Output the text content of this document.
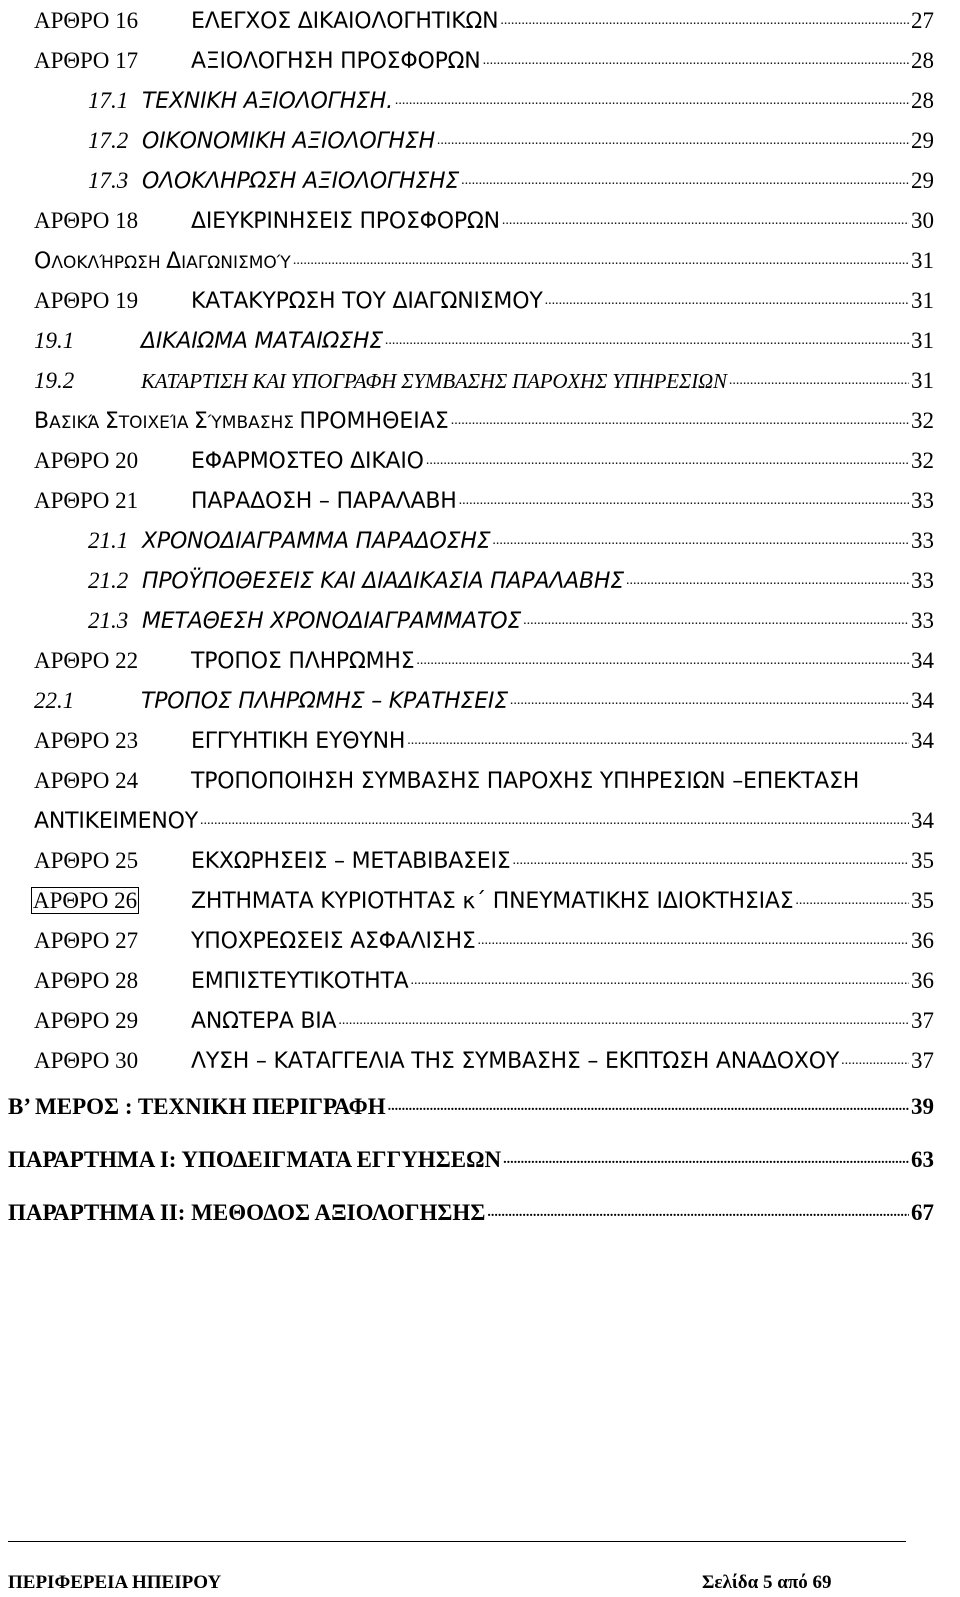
ΑΡΘΡΟ 16	ΕΛΕΓΧΟΣ ΔΙΚΑΙΟΛΟΓΗΤΙΚΩΝ .....	27
ΑΡΘΡΟ 17	ΑΞΙΟΛΟΓΗΣΗ ΠΡΟΣΦΟΡΩΝ .....	28
17.1 ΤΕΧΝΙΚΗ ΑΞΙΟΛΟΓΗΣΗ. .....	28
17.2 ΟΙΚΟΝΟΜΙΚΗ ΑΞΙΟΛΟΓΗΣΗ .....	29
17.3 ΟΛΟΚΛΗΡΩΣΗ ΑΞΙΟΛΟΓΗΣΗΣ .....	29
ΑΡΘΡΟ 18	ΔΙΕΥΚΡΙΝΗΣΕΙΣ ΠΡΟΣΦΟΡΩΝ .....	30
ΟΛΟΚΛΉΡΩΣΗ ΔΙΑΓΩΝΙΣΜΟΎ .....	31
ΑΡΘΡΟ 19	ΚΑΤΑΚΥΡΩΣΗ ΤΟΥ ΔΙΑΓΩΝΙΣΜΟΥ .....	31
19.1	ΔΙΚΑΙΩΜΑ ΜΑΤΑΙΩΣΗΣ .....	31
19.2	ΚΑΤΑΡΤΙΣΗ ΚΑΙ ΥΠΟΓΡΑΦΗ ΣΥΜΒΑΣΗΣ ΠΑΡΟΧΗΣ ΥΠΗΡΕΣΙΩΝ .....	31
ΒΑΣΙΚΆ ΣΤΟΙΧΕΊΑ ΣΎΜΒΑΣΗΣ ΠΡΟΜΗΘΕΙΑΣ .....	32
ΑΡΘΡΟ 20	ΕΦΑΡΜΟΣΤΕΟ ΔΙΚΑΙΟ .....	32
ΑΡΘΡΟ 21	ΠΑΡΑΔΟΣΗ – ΠΑΡΑΛΑΒΗ .....	33
21.1 ΧΡΟΝΟΔΙΑΓΡΑΜΜΑ ΠΑΡΑΔΟΣΗΣ .....	33
21.2 ΠΡΟΫΠΟΘΕΣΕΙΣ ΚΑΙ ΔΙΑΔΙΚΑΣΙΑ ΠΑΡΑΛΑΒΗΣ .....	33
21.3 ΜΕΤΑΘΕΣΗ ΧΡΟΝΟΔΙΑΓΡΑΜΜΑΤΟΣ .....	33
ΑΡΘΡΟ 22	ΤΡΟΠΟΣ ΠΛΗΡΩΜΗΣ .....	34
22.1	ΤΡΟΠΟΣ ΠΛΗΡΩΜΗΣ – ΚΡΑΤΗΣΕΙΣ .....	34
ΑΡΘΡΟ 23	ΕΓΓΥΗΤΙΚΗ ΕΥΘΥΝΗ .....	34
ΑΡΘΡΟ 24	ΤΡΟΠΟΠΟΙΗΣΗ ΣΥΜΒΑΣΗΣ ΠΑΡΟΧΗΣ ΥΠΗΡΕΣΙΩΝ –ΕΠΕΚΤΑΣΗ
ΑΝΤΙΚΕΙΜΕΝΟΥ .....	34
ΑΡΘΡΟ 25	ΕΚΧΩΡΗΣΕΙΣ – ΜΕΤΑΒΙΒΑΣΕΙΣ .....	35
ΑΡΘΡΟ 26	ΖΗΤΗΜΑΤΑ ΚΥΡΙΟΤΗΤΑΣ κ΄ ΠΝΕΥΜΑΤΙΚΗΣ ΙΔΙΟΚΤΗΣΙΑΣ .....	35
ΑΡΘΡΟ 27	ΥΠΟΧΡΕΩΣΕΙΣ ΑΣΦΑΛΙΣΗΣ .....	36
ΑΡΘΡΟ 28	ΕΜΠΙΣΤΕΥΤΙΚΟΤΗΤΑ .....	36
ΑΡΘΡΟ 29	ΑΝΩΤΕΡΑ ΒΙΑ .....	37
ΑΡΘΡΟ 30	ΛΥΣΗ – ΚΑΤΑΓΓΕΛΙΑ ΤΗΣ ΣΥΜΒΑΣΗΣ – ΕΚΠΤΩΣΗ ΑΝΑΔΟΧΟΥ .....	37
Β’ ΜΕΡΟΣ : ΤΕΧΝΙΚΗ ΠΕΡΙΓΡΑΦΗ .....	39
ΠΑΡΑΡΤΗΜΑ Ι: ΥΠΟΔΕΙΓΜΑΤΑ ΕΓΓΥΗΣΕΩΝ .....	63
ΠΑΡΑΡΤΗΜΑ ΙΙ: ΜΕΘΟΔΟΣ ΑΞΙΟΛΟΓΗΣΗΣ .....	67
ΠΕΡΙΦΕΡΕΙΑ ΗΠΕΙΡΟΥ	Σελίδα 5 από 69
